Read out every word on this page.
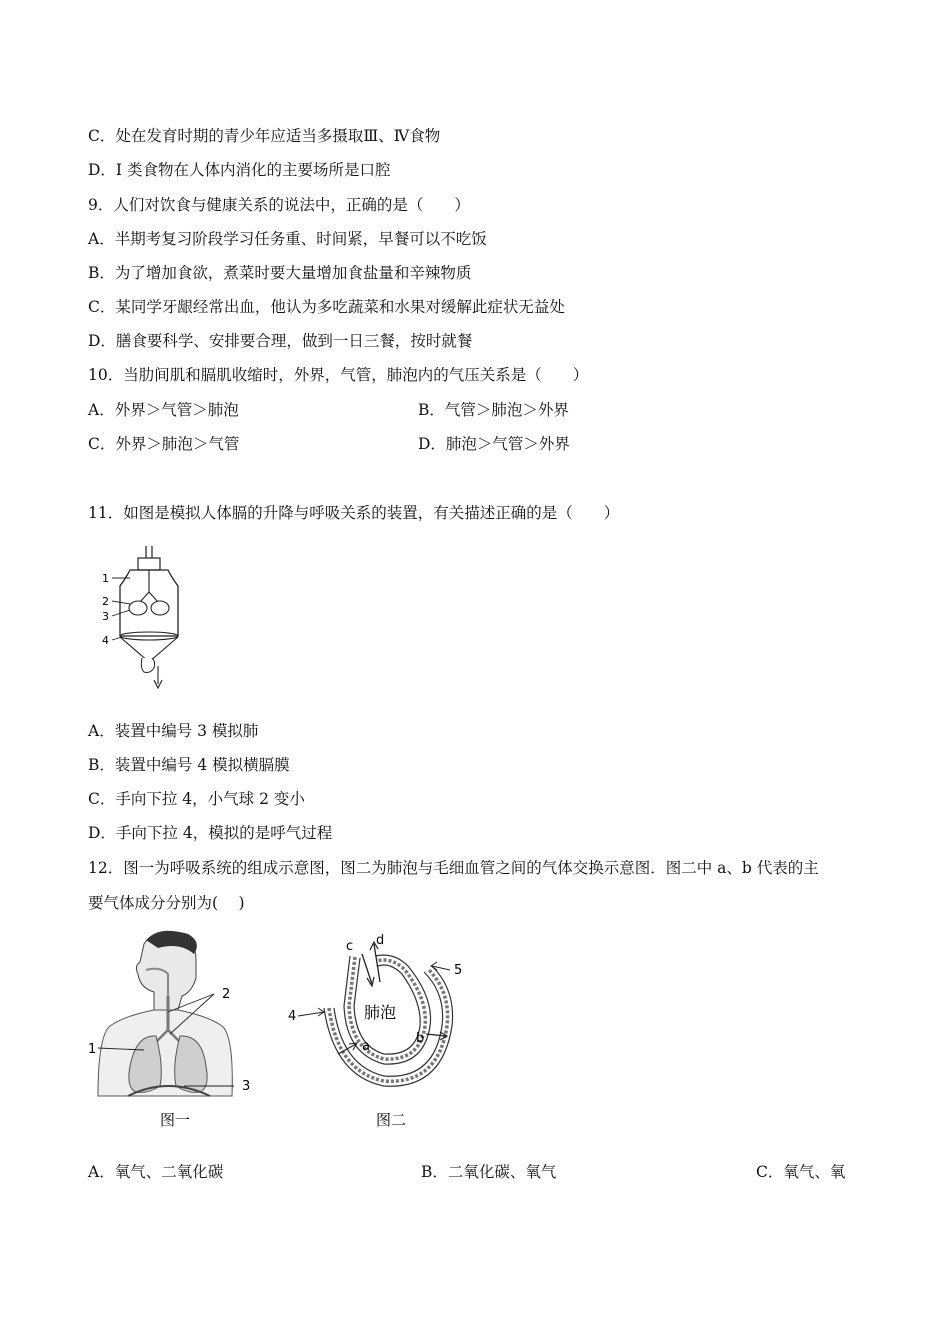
C．处在发育时期的青少年应适当多摄取Ⅲ、Ⅳ食物
D．I 类食物在人体内消化的主要场所是口腔
9．人们对饮食与健康关系的说法中，正确的是（　　）
A．半期考复习阶段学习任务重、时间紧，早餐可以不吃饭
B．为了增加食欲，煮菜时要大量增加食盐量和辛辣物质
C．某同学牙龈经常出血，他认为多吃蔬菜和水果对缓解此症状无益处
D．膳食要科学、安排要合理，做到一日三餐，按时就餐
10．当肋间肌和膈肌收缩时，外界，气管，肺泡内的气压关系是（　　）
A．外界＞气管＞肺泡	B．气管＞肺泡＞外界
C．外界＞肺泡＞气管	D．肺泡＞气管＞外界
11．如图是模拟人体膈的升降与呼吸关系的装置，有关描述正确的是（　　）
1
2
3
4
A．装置中编号 3 模拟肺
B．装置中编号 4 模拟横膈膜
C．手向下拉 4，小气球 2 变小
D．手向下拉 4，模拟的是呼气过程
12．图一为呼吸系统的组成示意图，图二为肺泡与毛细血管之间的气体交换示意图．图二中 a、b 代表的主
要气体成分分别为(　 )
2
1
3
图一
c d
5
4	肺泡
a
b
图二
A．氧气、二氧化碳	B．二氧化碳、氧气	C．氧气、氧
